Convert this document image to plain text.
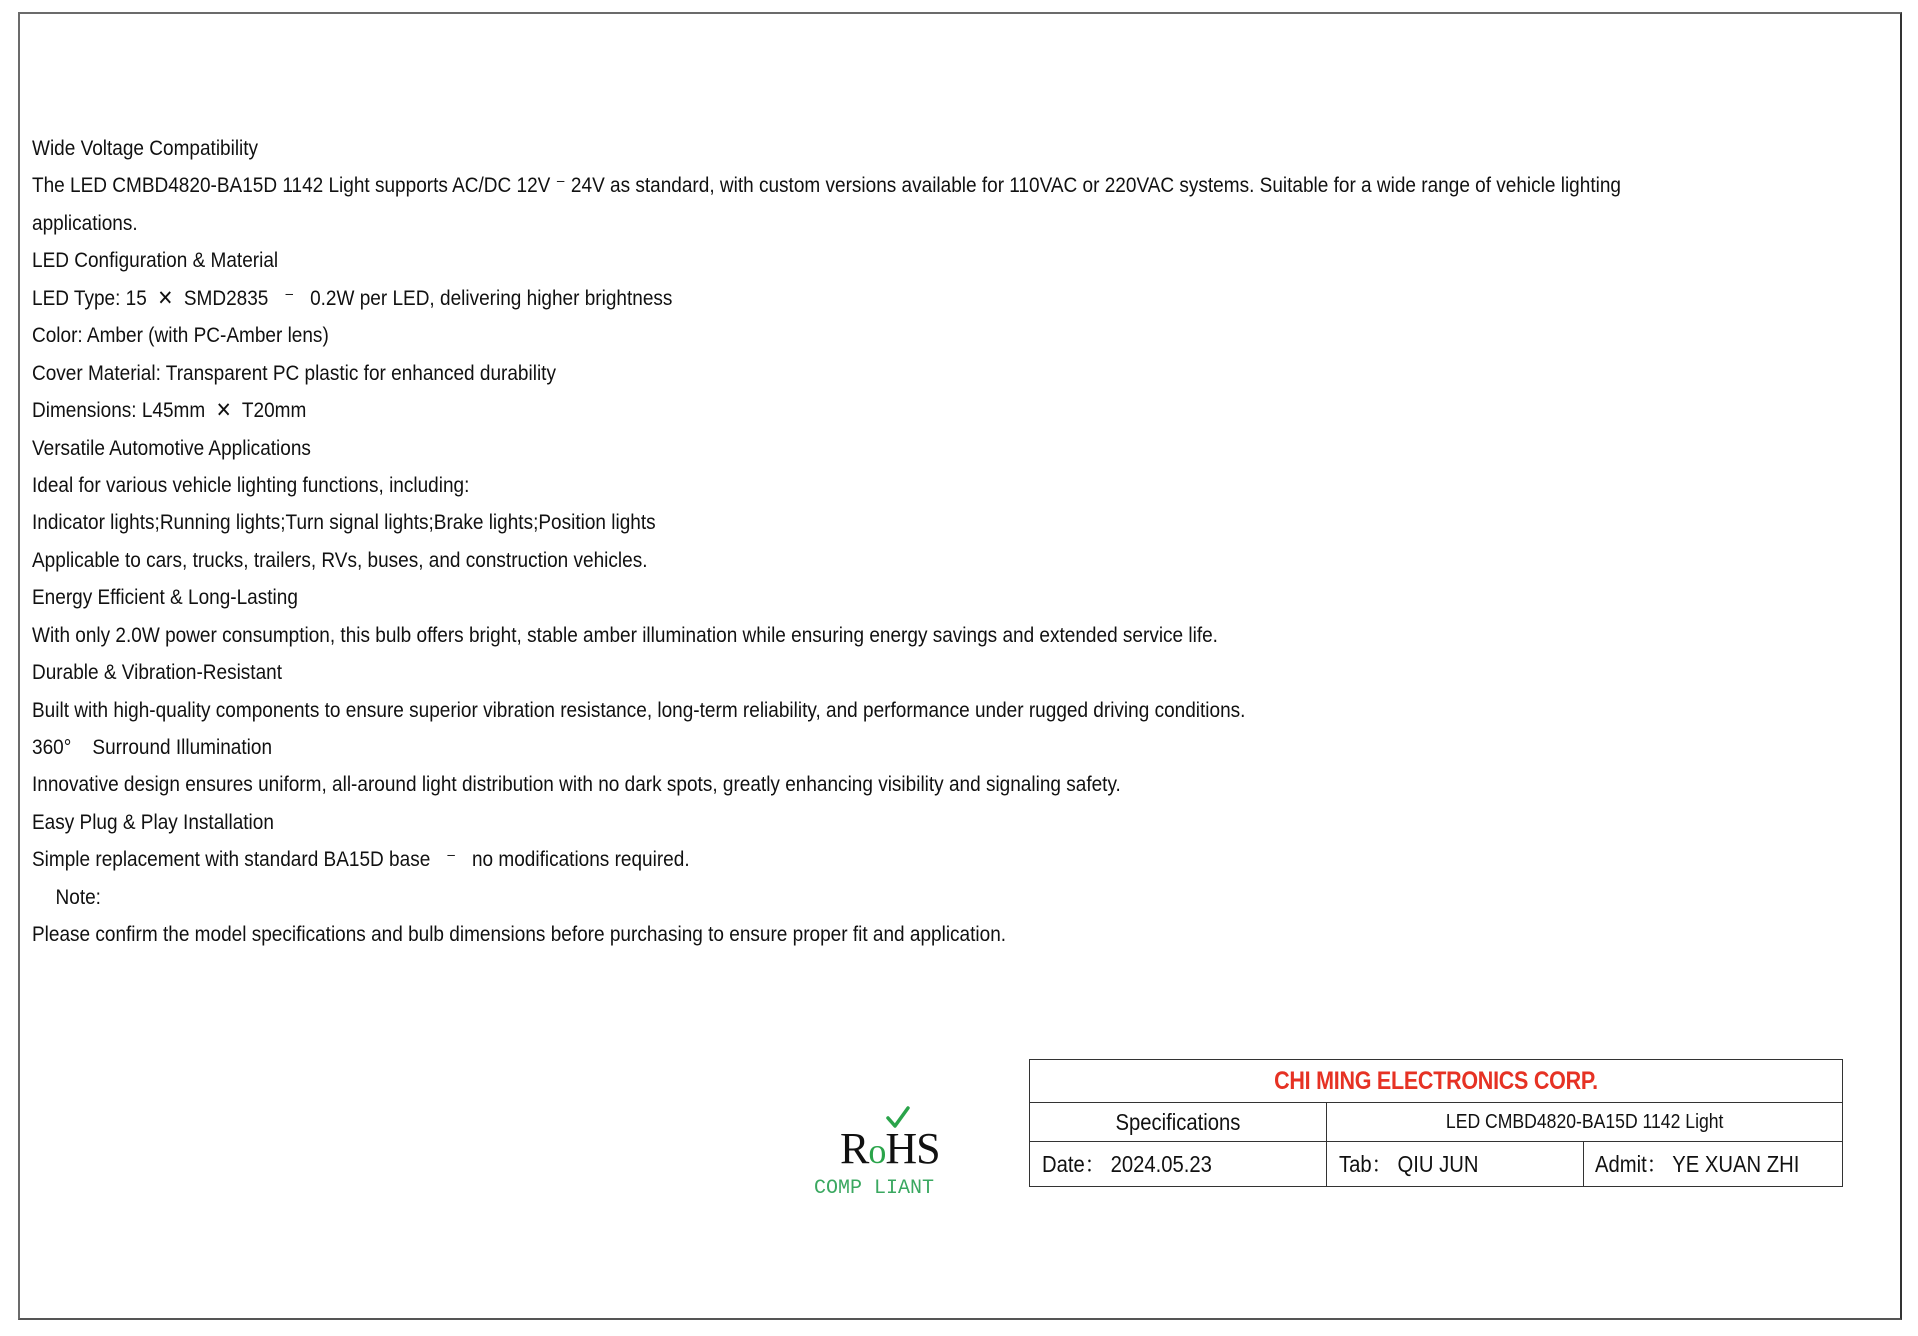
Wide Voltage Compatibility
The LED CMBD4820-BA15D 1142 Light supports AC/DC 12V ⁻ 24V as standard, with custom versions available for 110VAC or 220VAC systems. Suitable for a wide range of vehicle lighting
applications.
LED Configuration & Material
LED Type: 15  ✕  SMD2835   ⁻   0.2W per LED, delivering higher brightness
Color: Amber (with PC-Amber lens)
Cover Material: Transparent PC plastic for enhanced durability
Dimensions: L45mm  ✕  T20mm
Versatile Automotive Applications
Ideal for various vehicle lighting functions, including:
Indicator lights;Running lights;Turn signal lights;Brake lights;Position lights
Applicable to cars, trucks, trailers, RVs, buses, and construction vehicles.
Energy Efficient & Long-Lasting
With only 2.0W power consumption, this bulb offers bright, stable amber illumination while ensuring energy savings and extended service life.
Durable & Vibration-Resistant
Built with high-quality components to ensure superior vibration resistance, long-term reliability, and performance under rugged driving conditions.
360°    Surround Illumination
Innovative design ensures uniform, all-around light distribution with no dark spots, greatly enhancing visibility and signaling safety.
Easy Plug & Play Installation
Simple replacement with standard BA15D base   ⁻   no modifications required.
Note:
Please confirm the model specifications and bulb dimensions before purchasing to ensure proper fit and application.
RoHS
COMP LIANT
CHI MING ELECTRONICS CORP.
Specifications	LED CMBD4820-BA15D 1142 Light
Date： 2024.05.23	Tab： QIU JUN	Admit： YE XUAN ZHI
